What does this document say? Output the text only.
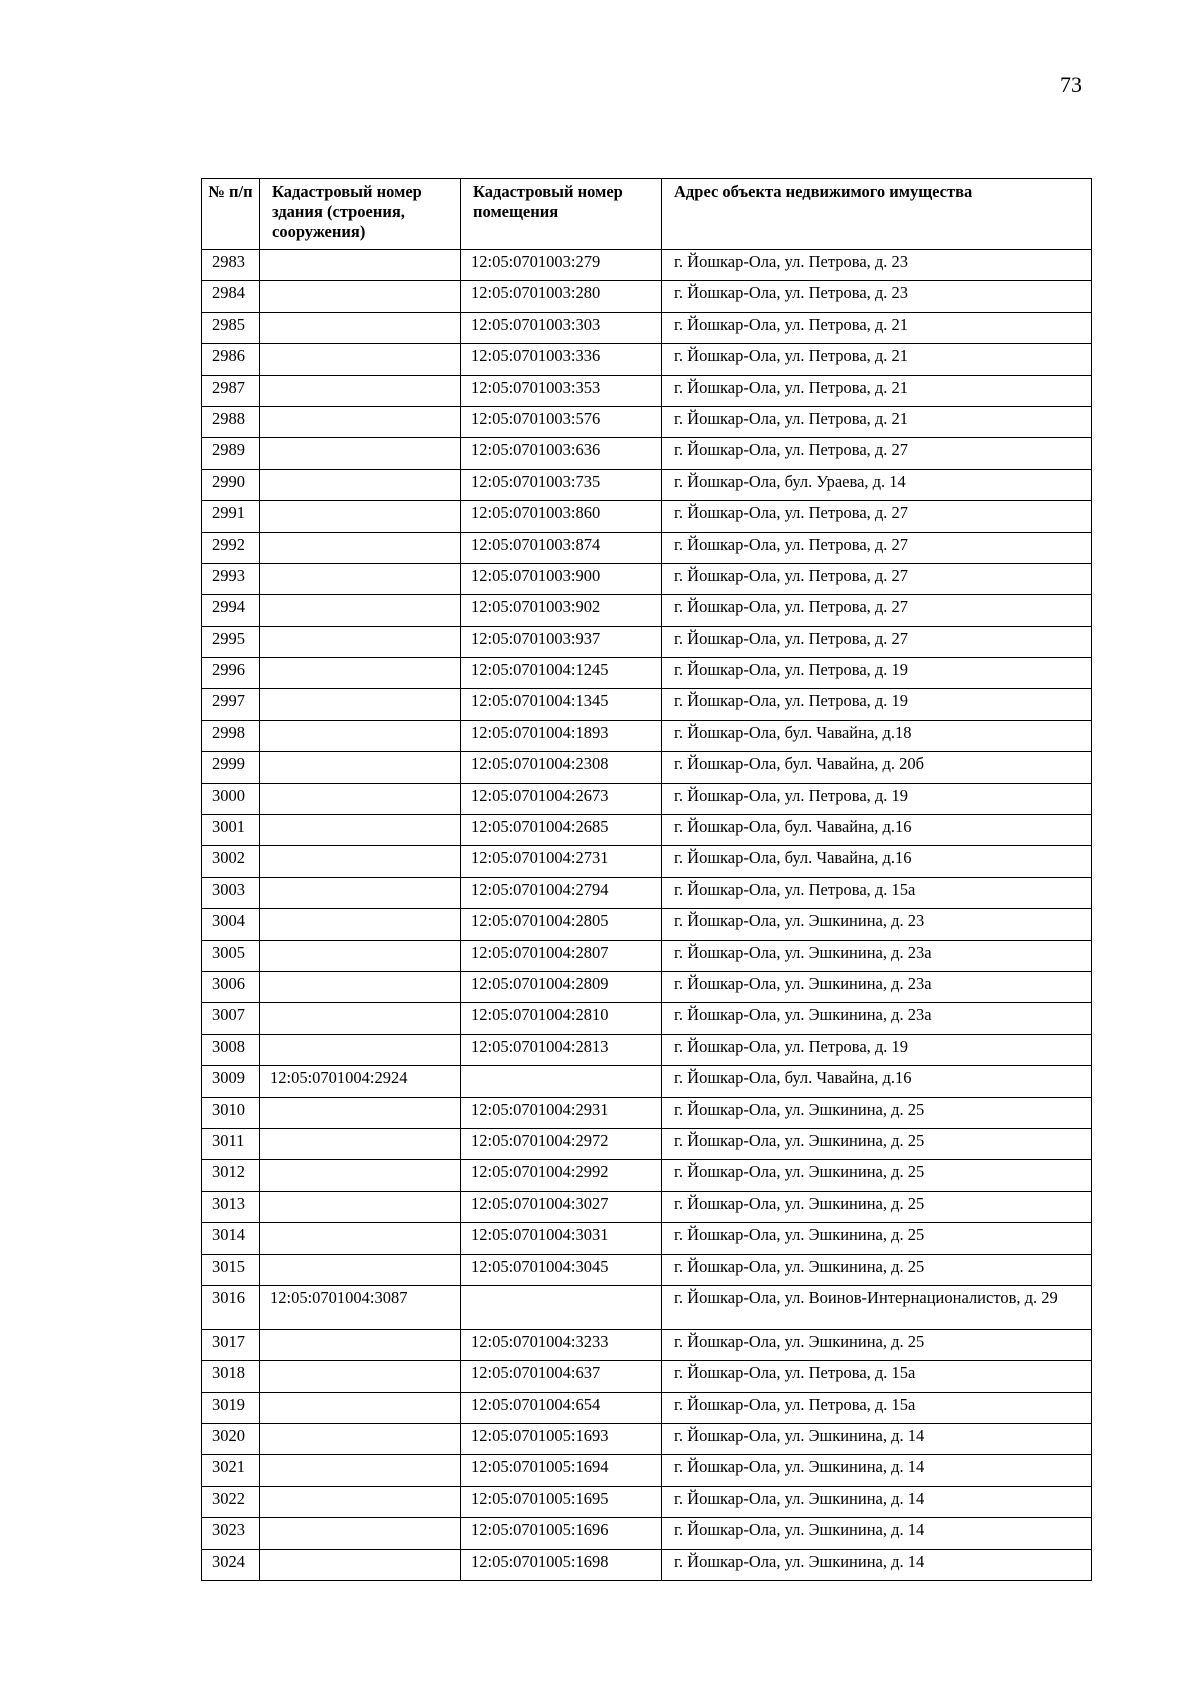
73
№ п/п	Кадастровый номер здания (строения, сооружения)	Кадастровый номер помещения	Адрес объекта недвижимого имущества
2983		12:05:0701003:279	г. Йошкар-Ола, ул. Петрова, д. 23
2984		12:05:0701003:280	г. Йошкар-Ола, ул. Петрова, д. 23
2985		12:05:0701003:303	г. Йошкар-Ола, ул. Петрова, д. 21
2986		12:05:0701003:336	г. Йошкар-Ола, ул. Петрова, д. 21
2987		12:05:0701003:353	г. Йошкар-Ола, ул. Петрова, д. 21
2988		12:05:0701003:576	г. Йошкар-Ола, ул. Петрова, д. 21
2989		12:05:0701003:636	г. Йошкар-Ола, ул. Петрова, д. 27
2990		12:05:0701003:735	г. Йошкар-Ола, бул. Ураева, д. 14
2991		12:05:0701003:860	г. Йошкар-Ола, ул. Петрова, д. 27
2992		12:05:0701003:874	г. Йошкар-Ола, ул. Петрова, д. 27
2993		12:05:0701003:900	г. Йошкар-Ола, ул. Петрова, д. 27
2994		12:05:0701003:902	г. Йошкар-Ола, ул. Петрова, д. 27
2995		12:05:0701003:937	г. Йошкар-Ола, ул. Петрова, д. 27
2996		12:05:0701004:1245	г. Йошкар-Ола, ул. Петрова, д. 19
2997		12:05:0701004:1345	г. Йошкар-Ола, ул. Петрова, д. 19
2998		12:05:0701004:1893	г. Йошкар-Ола, бул. Чавайна, д.18
2999		12:05:0701004:2308	г. Йошкар-Ола, бул. Чавайна, д. 20б
3000		12:05:0701004:2673	г. Йошкар-Ола, ул. Петрова, д. 19
3001		12:05:0701004:2685	г. Йошкар-Ола, бул. Чавайна, д.16
3002		12:05:0701004:2731	г. Йошкар-Ола, бул. Чавайна, д.16
3003		12:05:0701004:2794	г. Йошкар-Ола, ул. Петрова, д. 15а
3004		12:05:0701004:2805	г. Йошкар-Ола, ул. Эшкинина, д. 23
3005		12:05:0701004:2807	г. Йошкар-Ола, ул. Эшкинина, д. 23а
3006		12:05:0701004:2809	г. Йошкар-Ола, ул. Эшкинина, д. 23а
3007		12:05:0701004:2810	г. Йошкар-Ола, ул. Эшкинина, д. 23а
3008		12:05:0701004:2813	г. Йошкар-Ола, ул. Петрова, д. 19
3009	12:05:0701004:2924		г. Йошкар-Ола, бул. Чавайна, д.16
3010		12:05:0701004:2931	г. Йошкар-Ола, ул. Эшкинина, д. 25
3011		12:05:0701004:2972	г. Йошкар-Ола, ул. Эшкинина, д. 25
3012		12:05:0701004:2992	г. Йошкар-Ола, ул. Эшкинина, д. 25
3013		12:05:0701004:3027	г. Йошкар-Ола, ул. Эшкинина, д. 25
3014		12:05:0701004:3031	г. Йошкар-Ола, ул. Эшкинина, д. 25
3015		12:05:0701004:3045	г. Йошкар-Ола, ул. Эшкинина, д. 25
3016	12:05:0701004:3087		г. Йошкар-Ола, ул. Воинов-Интернационалистов, д. 29
3017		12:05:0701004:3233	г. Йошкар-Ола, ул. Эшкинина, д. 25
3018		12:05:0701004:637	г. Йошкар-Ола, ул. Петрова, д. 15а
3019		12:05:0701004:654	г. Йошкар-Ола, ул. Петрова, д. 15а
3020		12:05:0701005:1693	г. Йошкар-Ола, ул. Эшкинина, д. 14
3021		12:05:0701005:1694	г. Йошкар-Ола, ул. Эшкинина, д. 14
3022		12:05:0701005:1695	г. Йошкар-Ола, ул. Эшкинина, д. 14
3023		12:05:0701005:1696	г. Йошкар-Ола, ул. Эшкинина, д. 14
3024		12:05:0701005:1698	г. Йошкар-Ола, ул. Эшкинина, д. 14
